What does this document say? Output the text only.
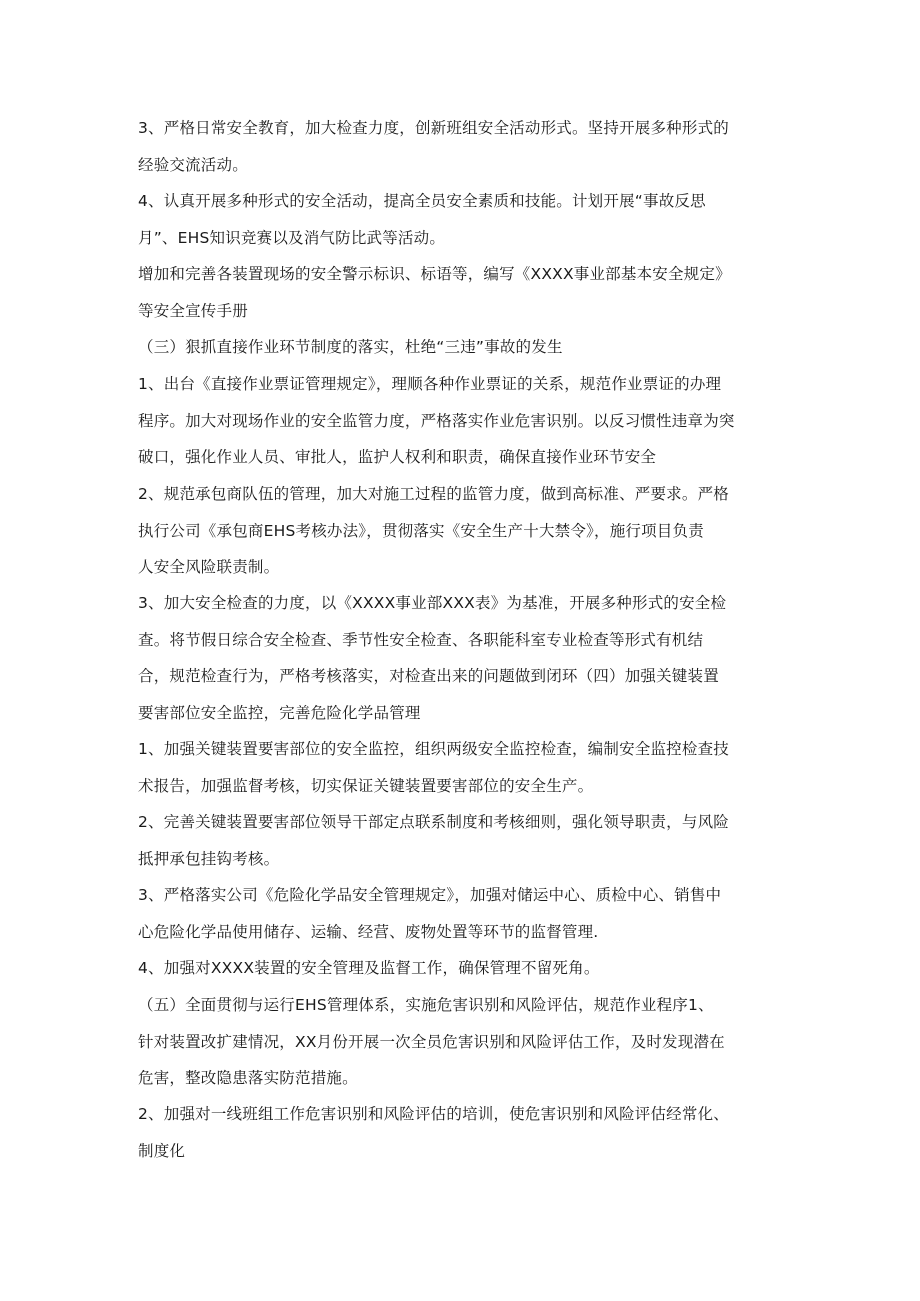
3、严格日常安全教育，加大检查力度，创新班组安全活动形式。坚持开展多种形式的
经验交流活动。

4、认真开展多种形式的安全活动，提高全员安全素质和技能。计划开展“事故反思
月”、EHS知识竞赛以及消气防比武等活动。

增加和完善各装置现场的安全警示标识、标语等，编写《XXXX事业部基本安全规定》
等安全宣传手册

（三）狠抓直接作业环节制度的落实，杜绝“三违”事故的发生

1、出台《直接作业票证管理规定》，理顺各种作业票证的关系，规范作业票证的办理
程序。加大对现场作业的安全监管力度，严格落实作业危害识别。以反习惯性违章为突
破口，强化作业人员、审批人，监护人权利和职责，确保直接作业环节安全

2、规范承包商队伍的管理，加大对施工过程的监管力度，做到高标准、严要求。严格
执行公司《承包商EHS考核办法》，贯彻落实《安全生产十大禁令》，施行项目负责
人安全风险联责制。

3、加大安全检查的力度，以《XXXX事业部XXX表》为基准，开展多种形式的安全检
查。将节假日综合安全检查、季节性安全检查、各职能科室专业检查等形式有机结
合，规范检查行为，严格考核落实，对检查出来的问题做到闭环（四）加强关键装置
要害部位安全监控，完善危险化学品管理

1、加强关键装置要害部位的安全监控，组织两级安全监控检查，编制安全监控检查技
术报告，加强监督考核，切实保证关键装置要害部位的安全生产。

2、完善关键装置要害部位领导干部定点联系制度和考核细则，强化领导职责，与风险
抵押承包挂钩考核。

3、严格落实公司《危险化学品安全管理规定》，加强对储运中心、质检中心、销售中
心危险化学品使用储存、运输、经营、废物处置等环节的监督管理.

4、加强对XXXX装置的安全管理及监督工作，确保管理不留死角。

（五）全面贯彻与运行EHS管理体系，实施危害识别和风险评估，规范作业程序1、
针对装置改扩建情况，XX月份开展一次全员危害识别和风险评估工作，及时发现潜在
危害，整改隐患落实防范措施。

2、加强对一线班组工作危害识别和风险评估的培训，使危害识别和风险评估经常化、
制度化
